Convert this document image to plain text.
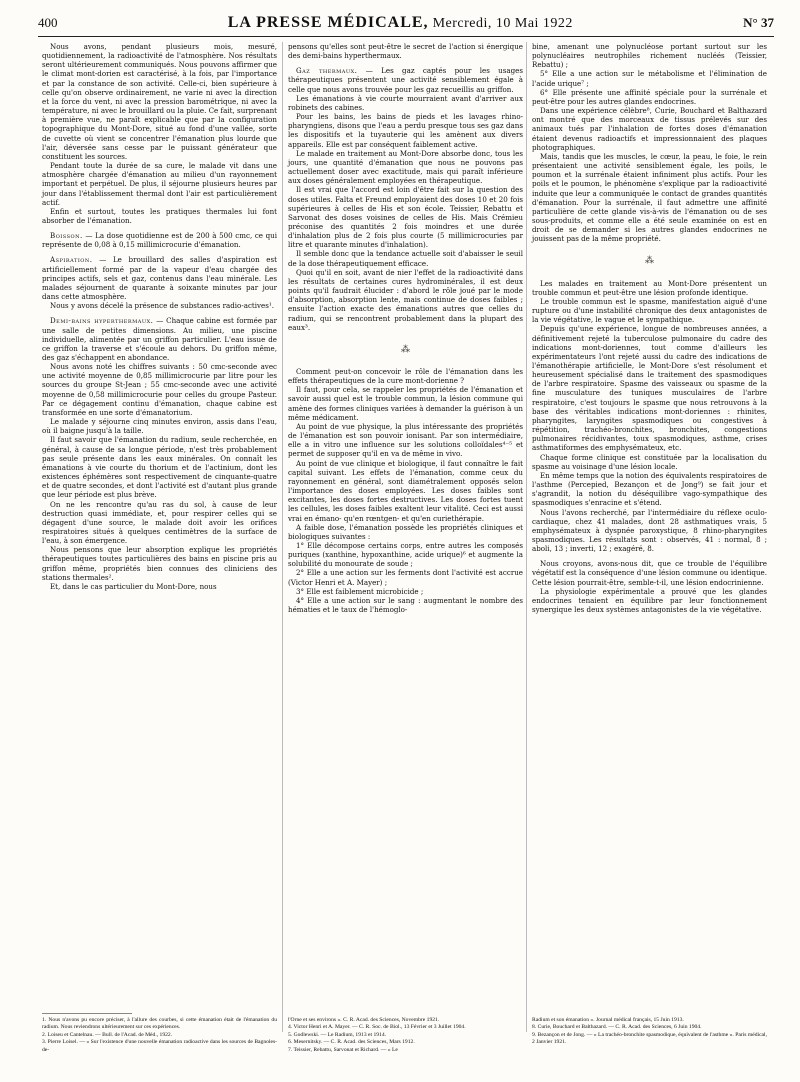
400	LA PRESSE MÉDICALE, Mercredi, 10 Mai 1922	N° 37

Nous avons, pendant plusieurs mois, mesuré, quotidiennement, la radioactivité de l'atmosphère. Nos résultats seront ultérieurement communiqués. Nous pouvons affirmer que le climat mont-dorien est caractérisé, à la fois, par l'importance et par la constance de son activité. Celle-ci, bien supérieure à celle qu'on observe ordinairement, ne varie ni avec la direction et la force du vent, ni avec la pression barométrique, ni avec la température, ni avec le brouillard ou la pluie. Ce fait, surprenant à première vue, ne paraît explicable que par la configuration topographique du Mont-Dore, situé au fond d'une vallée, sorte de cuvette où vient se concentrer l'émanation plus lourde que l'air, déversée sans cesse par le puissant générateur que constituent les sources.

Pendant toute la durée de sa cure, le malade vit dans une atmosphère chargée d'émanation au milieu d'un rayonnement important et perpétuel. De plus, il séjourne plusieurs heures par jour dans l'établissement thermal dont l'air est particulièrement actif.

Enfin et surtout, toutes les pratiques thermales lui font absorber de l'émanation.

Boisson. — La dose quotidienne est de 200 à 500 cmc, ce qui représente de 0,08 à 0,15 millimicrocurie d'émanation.

Aspiration. — Le brouillard des salles d'aspiration est artificiellement formé par de la vapeur d'eau chargée des principes actifs, sels et gaz, contenus dans l'eau minérale. Les malades séjournent de quarante à soixante minutes par jour dans cette atmosphère.

Nous y avons décelé la présence de substances radio-actives¹.

Demi-bains hyperthermaux. — Chaque cabine est formée par une salle de petites dimensions. Au milieu, une piscine individuelle, alimentée par un griffon particulier. L'eau issue de ce griffon la traverse et s'écoule au dehors. Du griffon même, des gaz s'échappent en abondance.

Nous avons noté les chiffres suivants : 50 cmc-seconde avec une activité moyenne de 0,85 millimicrocurie par litre pour les sources du groupe St-Jean ; 55 cmc-seconde avec une activité moyenne de 0,58 millimicrocurie pour celles du groupe Pasteur. Par ce dégagement continu d'émanation, chaque cabine est transformée en une sorte d'émanatorium.

Le malade y séjourne cinq minutes environ, assis dans l'eau, où il baigne jusqu'à la taille.

Il faut savoir que l'émanation du radium, seule recherchée, en général, à cause de sa longue période, n'est très probablement pas seule présente dans les eaux minérales. On connaît les émanations à vie courte du thorium et de l'actinium, dont les existences éphémères sont respectivement de cinquante-quatre et de quatre secondes, et dont l'activité est d'autant plus grande que leur période est plus brève.

On ne les rencontre qu'au ras du sol, à cause de leur destruction quasi immédiate, et, pour respirer celles qui se dégagent d'une source, le malade doit avoir les orifices respiratoires situés à quelques centimètres de la surface de l'eau, à son émergence.

Nous pensons que leur absorption explique les propriétés thérapeutiques toutes particulières des bains en piscine pris au griffon même, propriétés bien connues des cliniciens des stations thermales².

Et, dans le cas particulier du Mont-Dore, nous

pensons qu'elles sont peut-être le secret de l'action si énergique des demi-bains hyperthermaux.

Gaz thermaux. — Les gaz captés pour les usages thérapeutiques présentent une activité sensiblement égale à celle que nous avons trouvée pour les gaz recueillis au griffon.

Les émanations à vie courte mourraient avant d'arriver aux robinets des cabines.

Pour les bains, les bains de pieds et les lavages rhino-pharyngiens, disons que l'eau a perdu presque tous ses gaz dans les dispositifs et la tuyauterie qui les amènent aux divers appareils. Elle est par conséquent faiblement active.

Le malade en traitement au Mont-Dore absorbe donc, tous les jours, une quantité d'émanation que nous ne pouvons pas actuellement doser avec exactitude, mais qui paraît inférieure aux doses généralement employées en thérapeutique.

Il est vrai que l'accord est loin d'être fait sur la question des doses utiles. Falta et Freund employaient des doses 10 et 20 fois supérieures à celles de His et son école. Teissier, Rebattu et Sarvonat des doses voisines de celles de His. Mais Crémieu préconise des quantités 2 fois moindres et une durée d'inhalation plus de 2 fois plus courte (5 millimicrocuries par litre et quarante minutes d'inhalation).

Il semble donc que la tendance actuelle soit d'abaisser le seuil de la dose thérapeutiquement efficace.

Quoi qu'il en soit, avant de nier l'effet de la radioactivité dans les résultats de certaines cures hydrominérales, il est deux points qu'il faudrait élucider : d'abord le rôle joué par le mode d'absorption, absorption lente, mais continue de doses faibles ; ensuite l'action exacte des émanations autres que celles du radium, qui se rencontrent probablement dans la plupart des eaux³.

⁂

Comment peut-on concevoir le rôle de l'émanation dans les effets thérapeutiques de la cure mont-dorienne ?

Il faut, pour cela, se rappeler les propriétés de l'émanation et savoir aussi quel est le trouble commun, la lésion commune qui amène des formes cliniques variées à demander la guérison à un même médicament.

Au point de vue physique, la plus intéressante des propriétés de l'émanation est son pouvoir ionisant. Par son intermédiaire, elle a in vitro une influence sur les solutions colloïdales⁴⁻⁵ et permet de supposer qu'il en va de même in vivo.

Au point de vue clinique et biologique, il faut connaître le fait capital suivant. Les effets de l'émanation, comme ceux du rayonnement en général, sont diamétralement opposés selon l'importance des doses employées. Les doses faibles sont excitantes, les doses fortes destructives. Les doses fortes tuent les cellules, les doses faibles exaltent leur vitalité. Ceci est aussi vrai en émano- qu'en rœntgen- et qu'en curiethérapie.

A faible dose, l'émanation possède les propriétés cliniques et biologiques suivantes :

1° Elle décompose certains corps, entre autres les composés puriques (xanthine, hypoxanthine, acide urique)⁶ et augmente la solubilité du monourate de soude ;

2° Elle a une action sur les ferments dont l'activité est accrue (Victor Henri et A. Mayer) ;

3° Elle est faiblement microbicide ;

4° Elle a une action sur le sang : augmentant le nombre des hématies et le taux de l'hémoglo-

bine, amenant une polynucléose portant surtout sur les polynucléaires neutrophiles richement nucléés (Teissier, Rebattu) ;

5° Elle a une action sur le métabolisme et l'élimination de l'acide urique⁷ ;

6° Elle présente une affinité spéciale pour la surrénale et peut-être pour les autres glandes endocrines.

Dans une expérience célèbre⁸, Curie, Bouchard et Balthazard ont montré que des morceaux de tissus prélevés sur des animaux tués par l'inhalation de fortes doses d'émanation étaient devenus radioactifs et impressionnaient des plaques photographiques.

Mais, tandis que les muscles, le cœur, la peau, le foie, le rein présentaient une activité sensiblement égale, les poils, le poumon et la surrénale étaient infiniment plus actifs. Pour les poils et le poumon, le phénomène s'explique par la radioactivité induite que leur a communiquée le contact de grandes quantités d'émanation. Pour la surrénale, il faut admettre une affinité particulière de cette glande vis-à-vis de l'émanation ou de ses sous-produits, et comme elle a été seule examinée on est en droit de se demander si les autres glandes endocrines ne jouissent pas de la même propriété.

⁂

Les malades en traitement au Mont-Dore présentent un trouble commun et peut-être une lésion profonde identique.

Le trouble commun est le spasme, manifestation aiguë d'une rupture ou d'une instabilité chronique des deux antagonistes de la vie végétative, le vague et le sympathique.

Depuis qu'une expérience, longue de nombreuses années, a définitivement rejeté la tuberculose pulmonaire du cadre des indications mont-doriennes, tout comme d'ailleurs les expérimentateurs l'ont rejeté aussi du cadre des indications de l'émanothérapie artificielle, le Mont-Dore s'est résolument et heureusement spécialisé dans le traitement des spasmodiques de l'arbre respiratoire. Spasme des vaisseaux ou spasme de la fine musculature des tuniques musculaires de l'arbre respiratoire, c'est toujours le spasme que nous retrouvons à la base des véritables indications mont-doriennes : rhinites, pharyngites, laryngites spasmodiques ou congestives à répétition, trachéo-bronchites, bronchites, congestions pulmonaires récidivantes, toux spasmodiques, asthme, crises asthmatiformes des emphysémateux, etc.

Chaque forme clinique est constituée par la localisation du spasme au voisinage d'une lésion locale.

En même temps que la notion des équivalents respiratoires de l'asthme (Percepied, Bezançon et de Jong⁹) se fait jour et s'agrandit, la notion du déséquilibre vago-sympathique des spasmodiques s'enracine et s'étend.

Nous l'avons recherché, par l'intermédiaire du réflexe oculo-cardiaque, chez 41 malades, dont 28 asthmatiques vrais, 5 emphysémateux à dyspnée paroxystique, 8 rhino-pharyngites spasmodiques. Les résultats sont : observés, 41 : normal, 8 ; aboli, 13 ; inverti, 12 ; exagéré, 8.

Nous croyons, avons-nous dit, que ce trouble de l'équilibre végétatif est la conséquence d'une lésion commune ou identique. Cette lésion pourrait-être, semble-t-il, une lésion endocrinienne.

La physiologie expérimentale a prouvé que les glandes endocrines tenaient en équilibre par leur fonctionnement synergique les deux systèmes antagonistes de la vie végétative.

1. Nous n'avons pu encore préciser, à l'allure des courbes, si cette émanation était de l'émanation du radium. Nous reviendrons ultérieurement sur ces expériences.
2. Loiseu et Cantelnau. — Bull. de l'Acad. de Méd., 1922.
3. Pierre Loisel. — « Sur l'existence d'une nouvelle émanation radioactive dans les sources de Bagnoles-de-
l'Orne et ses environs ». C. R. Acad. des Sciences, Novembre 1921.
4. Victor Henri et A. Mayer. — C. R. Soc. de Biol., 13 Février et 3 Juillet 1904.
5. Godlewski. — Le Radium, 1913 et 1914.
6. Mesernitsky. — C. R. Acad. des Sciences, Mars 1912.
7. Teissier, Rebattu, Sarvonat et Richard. — « Le
Radium et son émanation ». Journal médical français, 15 Juin 1913.
8. Curie, Bouchard et Balthazard. — C. R. Acad. des Sciences, 6 Juin 1904.
9. Bezançon et de Jong. — « La trachéo-bronchite spasmodique, équivalent de l'asthme ». Paris médical, 2 Janvier 1921.
